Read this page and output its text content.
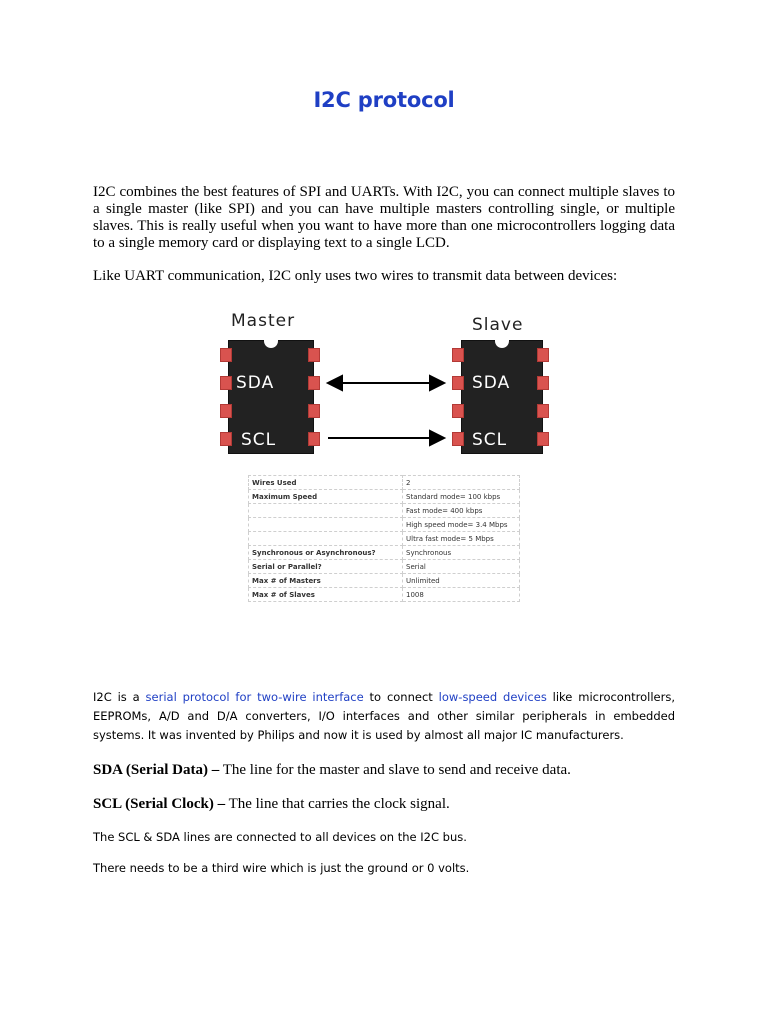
I2C protocol
I2C combines the best features of SPI and UARTs. With I2C, you can connect multiple slaves to a single master (like SPI) and you can have multiple masters controlling single, or multiple slaves. This is really useful when you want to have more than one microcontrollers logging data to a single memory card or displaying text to a single LCD.
Like UART communication, I2C only uses two wires to transmit data between devices:
Master	Slave
SDA
SCL
SDA
SCL
Wires Used	2
Maximum Speed	Standard mode= 100 kbps
	Fast mode= 400 kbps
	High speed mode= 3.4 Mbps
	Ultra fast mode= 5 Mbps
Synchronous or Asynchronous?	Synchronous
Serial or Parallel?	Serial
Max # of Masters	Unlimited
Max # of Slaves	1008
I2C is a serial protocol for two-wire interface to connect low-speed devices like microcontrollers, EEPROMs, A/D and D/A converters, I/O interfaces and other similar peripherals in embedded systems. It was invented by Philips and now it is used by almost all major IC manufacturers.
SDA (Serial Data) – The line for the master and slave to send and receive data.
SCL (Serial Clock) – The line that carries the clock signal.
The SCL & SDA lines are connected to all devices on the I2C bus.
There needs to be a third wire which is just the ground or 0 volts.
